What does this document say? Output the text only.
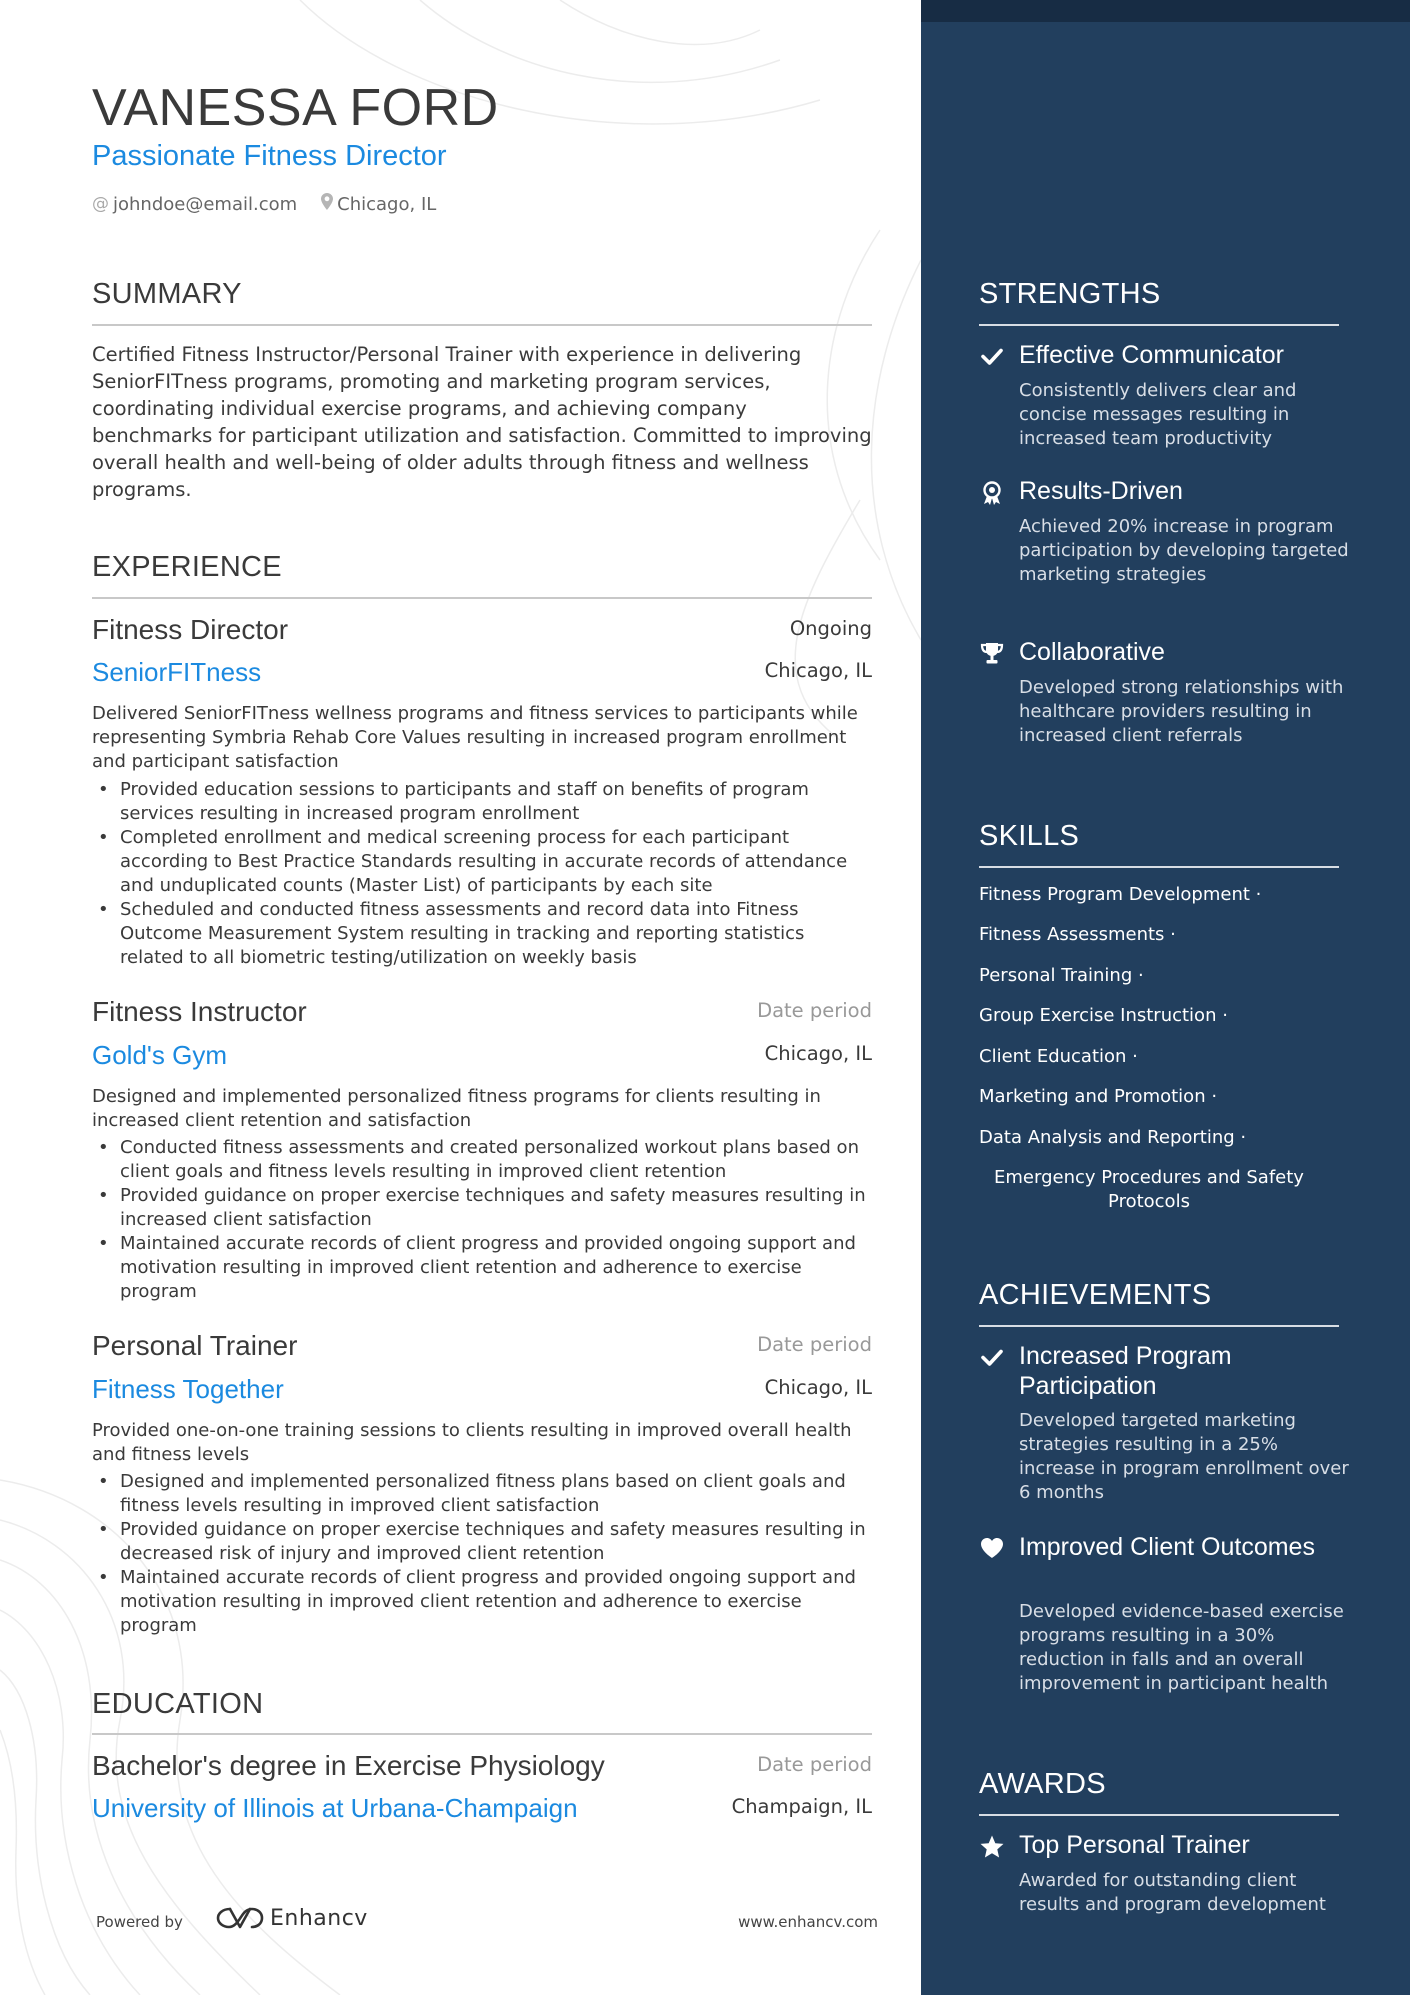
VANESSA FORD
Passionate Fitness Director
@ johndoe@email.com Chicago, IL
SUMMARY
Certified Fitness Instructor/Personal Trainer with experience in delivering SeniorFITness programs, promoting and marketing program services, coordinating individual exercise programs, and achieving company benchmarks for participant utilization and satisfaction. Committed to improving overall health and well-being of older adults through fitness and wellness programs.
EXPERIENCE
Fitness Director	Ongoing
SeniorFITness	Chicago, IL
Delivered SeniorFITness wellness programs and fitness services to participants while representing Symbria Rehab Core Values resulting in increased program enrollment and participant satisfaction
• Provided education sessions to participants and staff on benefits of program services resulting in increased program enrollment
• Completed enrollment and medical screening process for each participant according to Best Practice Standards resulting in accurate records of attendance and unduplicated counts (Master List) of participants by each site
• Scheduled and conducted fitness assessments and record data into Fitness Outcome Measurement System resulting in tracking and reporting statistics related to all biometric testing/utilization on weekly basis
Fitness Instructor	Date period
Gold's Gym	Chicago, IL
Designed and implemented personalized fitness programs for clients resulting in increased client retention and satisfaction
• Conducted fitness assessments and created personalized workout plans based on client goals and fitness levels resulting in improved client retention
• Provided guidance on proper exercise techniques and safety measures resulting in increased client satisfaction
• Maintained accurate records of client progress and provided ongoing support and motivation resulting in improved client retention and adherence to exercise program
Personal Trainer	Date period
Fitness Together	Chicago, IL
Provided one-on-one training sessions to clients resulting in improved overall health and fitness levels
• Designed and implemented personalized fitness plans based on client goals and fitness levels resulting in improved client satisfaction
• Provided guidance on proper exercise techniques and safety measures resulting in decreased risk of injury and improved client retention
• Maintained accurate records of client progress and provided ongoing support and motivation resulting in improved client retention and adherence to exercise program
EDUCATION
Bachelor's degree in Exercise Physiology	Date period
University of Illinois at Urbana-Champaign	Champaign, IL
Powered by	Enhancv	www.enhancv.com
STRENGTHS
Effective Communicator
Consistently delivers clear and concise messages resulting in increased team productivity
Results-Driven
Achieved 20% increase in program participation by developing targeted marketing strategies
Collaborative
Developed strong relationships with healthcare providers resulting in increased client referrals
SKILLS
Fitness Program Development ·
Fitness Assessments ·
Personal Training ·
Group Exercise Instruction ·
Client Education ·
Marketing and Promotion ·
Data Analysis and Reporting ·
Emergency Procedures and Safety Protocols
ACHIEVEMENTS
Increased Program Participation
Developed targeted marketing strategies resulting in a 25% increase in program enrollment over 6 months
Improved Client Outcomes
Developed evidence-based exercise programs resulting in a 30% reduction in falls and an overall improvement in participant health
AWARDS
Top Personal Trainer
Awarded for outstanding client results and program development
